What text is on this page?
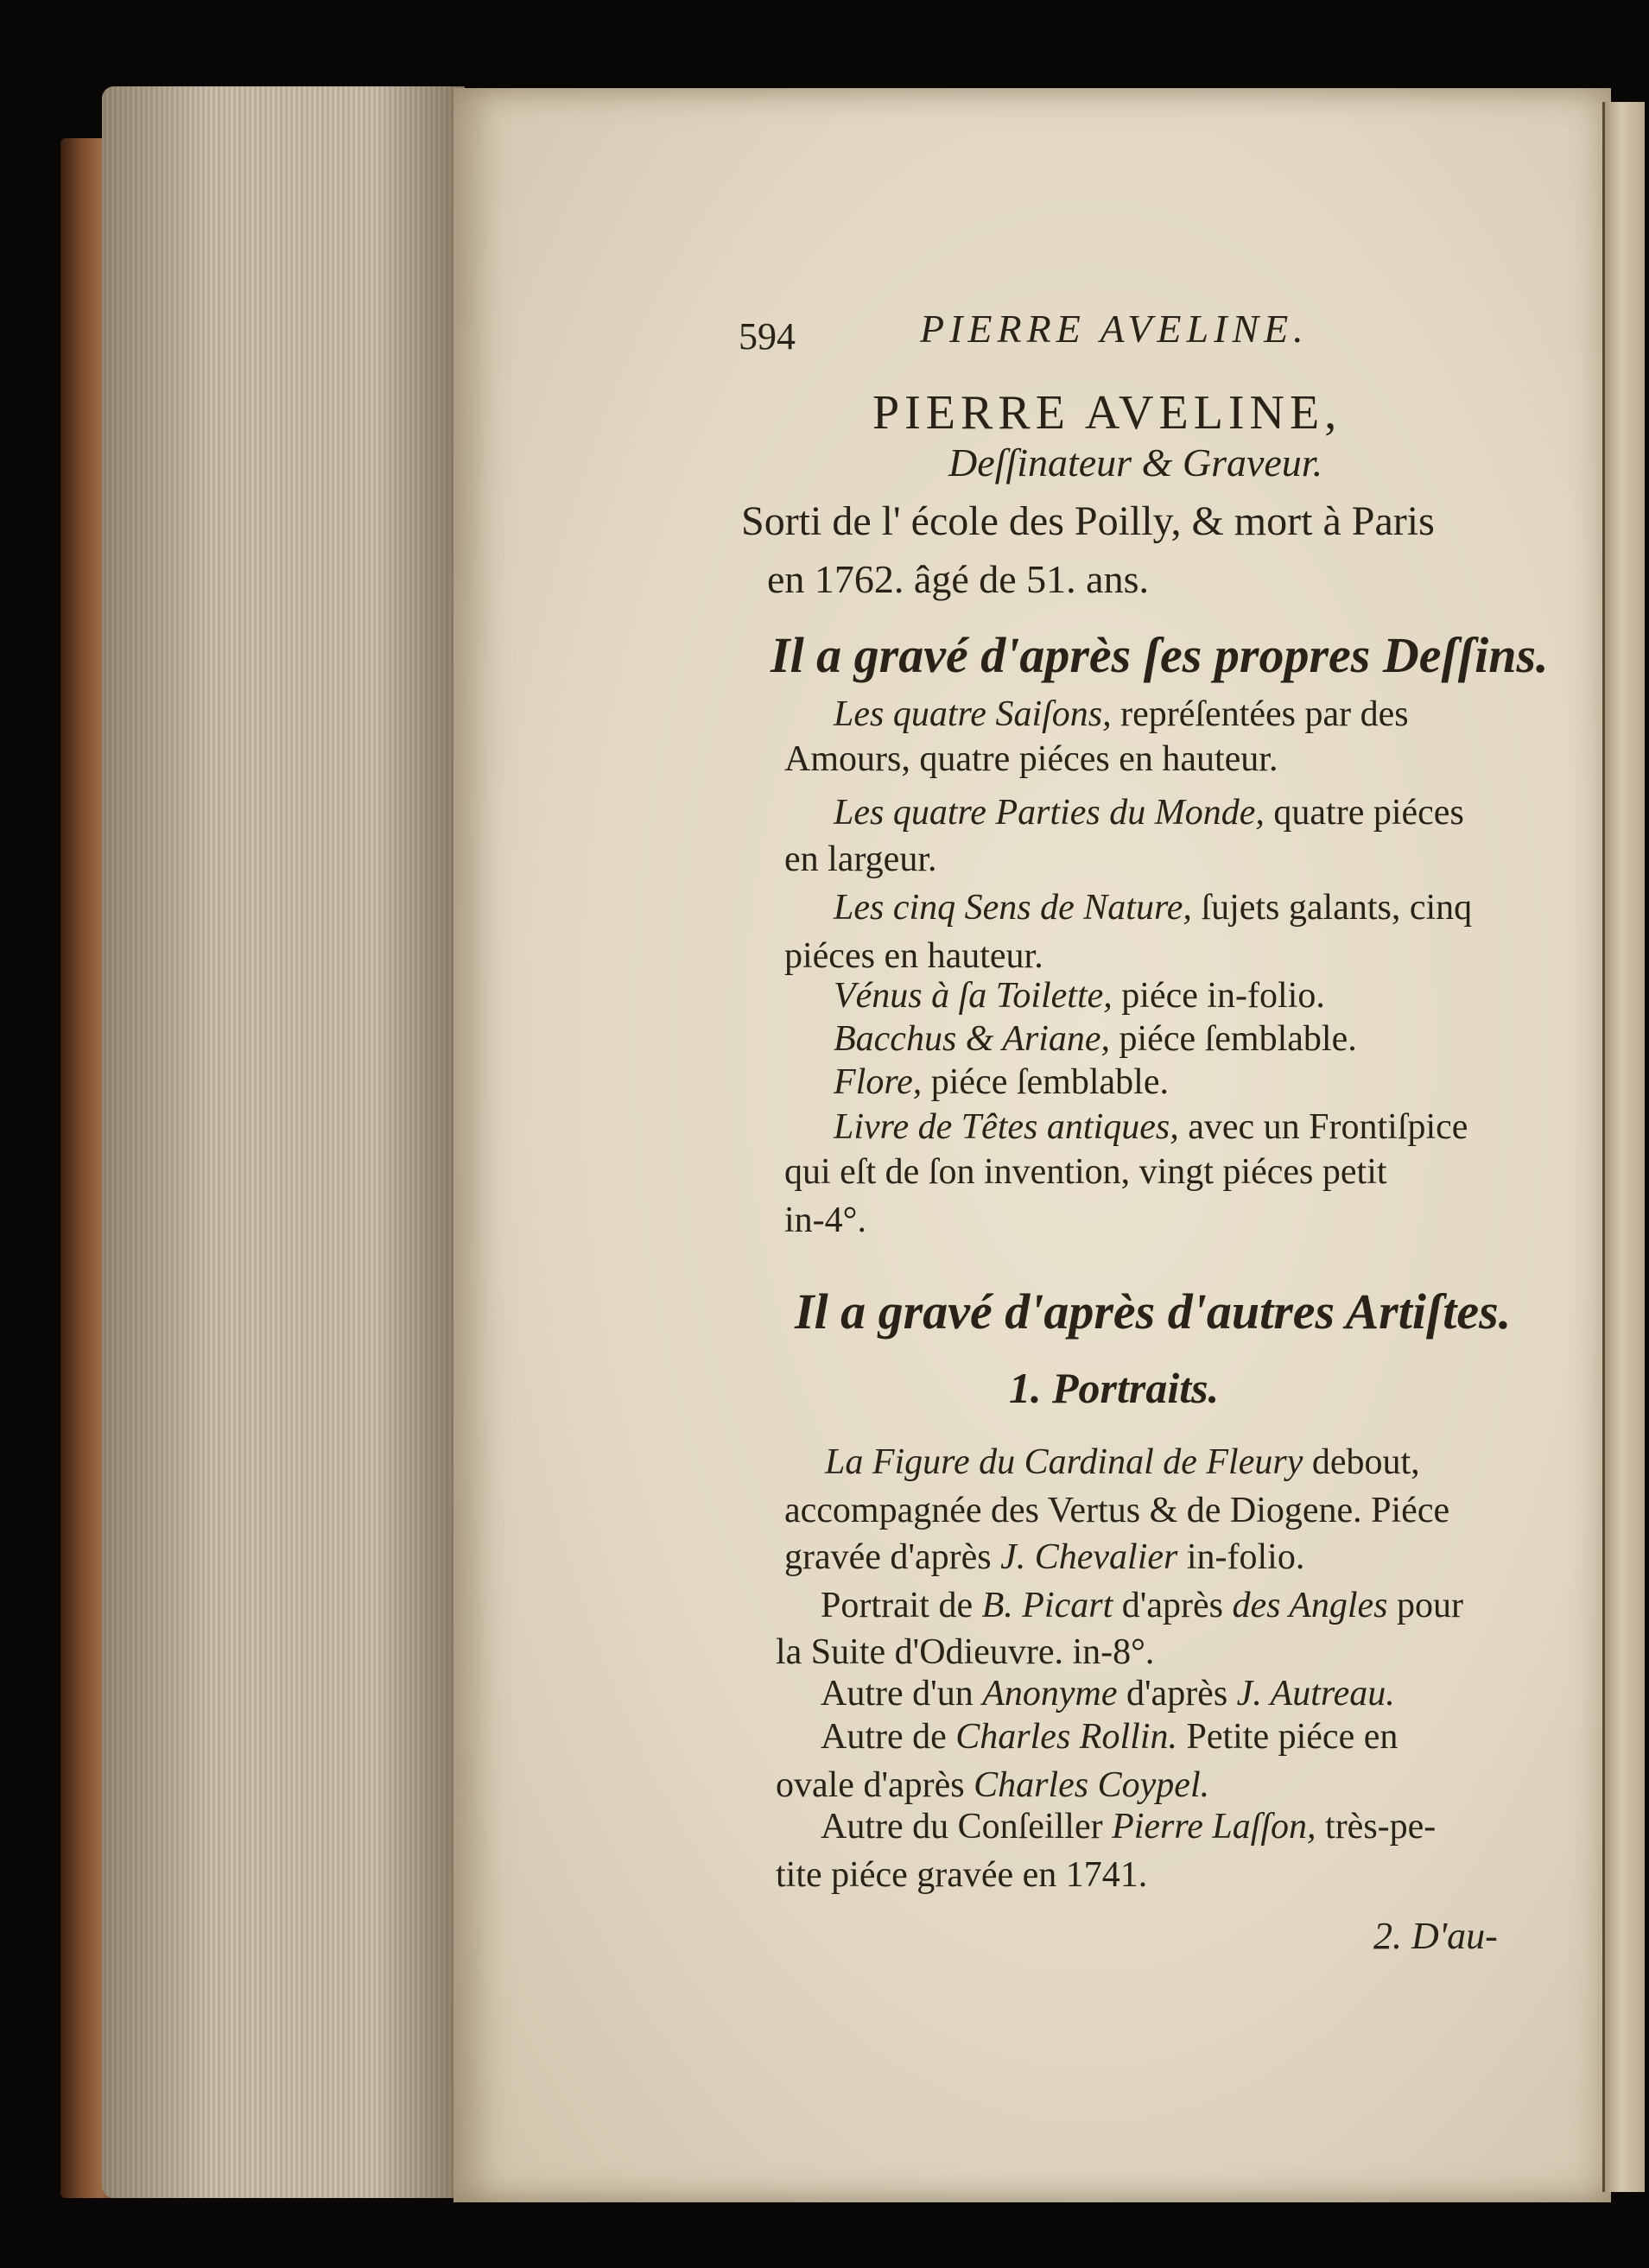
594	PIERRE AVELINE.
PIERRE AVELINE,
Deſſinateur & Graveur.
Sorti de l' école des Poilly, & mort à Paris
en 1762. âgé de 51. ans.
Il a gravé d'après ſes propres Deſſins.
Les quatre Saiſons, repréſentées par des
Amours, quatre piéces en hauteur.
Les quatre Parties du Monde, quatre piéces
en largeur.
Les cinq Sens de Nature, ſujets galants, cinq
piéces en hauteur.
Vénus à ſa Toilette, piéce in-folio.
Bacchus & Ariane, piéce ſemblable.
Flore, piéce ſemblable.
Livre de Têtes antiques, avec un Frontiſpice
qui eſt de ſon invention, vingt piéces petit
in-4°.
Il a gravé d'après d'autres Artiſtes.
1. Portraits.
La Figure du Cardinal de Fleury debout,
accompagnée des Vertus & de Diogene. Piéce
gravée d'après J. Chevalier in-folio.
Portrait de B. Picart d'après des Angles pour
la Suite d'Odieuvre. in-8°.
Autre d'un Anonyme d'après J. Autreau.
Autre de Charles Rollin. Petite piéce en
ovale d'après Charles Coypel.
Autre du Conſeiller Pierre Laſſon, très-pe-
tite piéce gravée en 1741.
2. D'au-
